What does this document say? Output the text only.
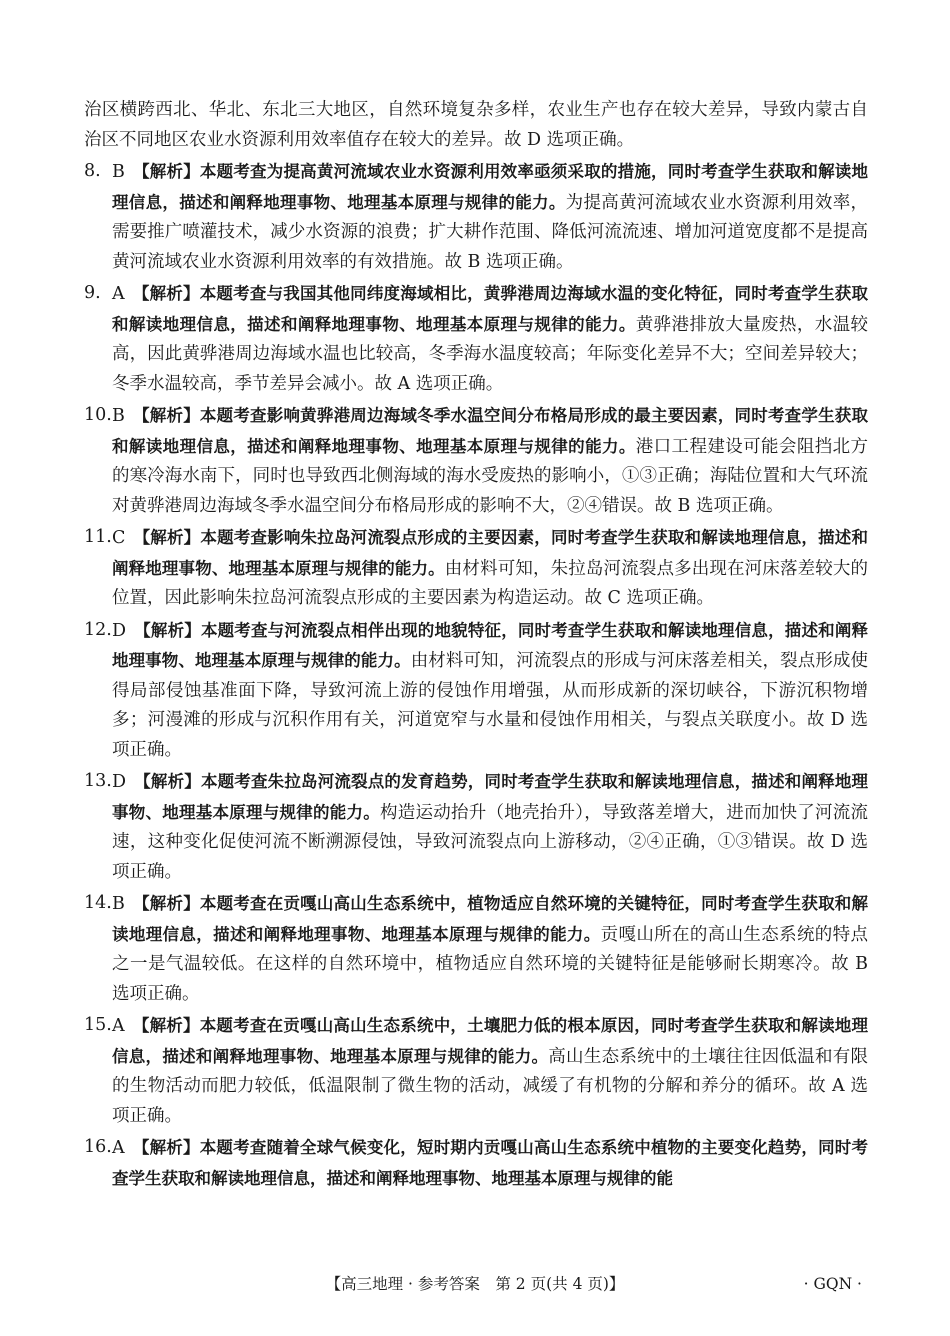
治区横跨西北、华北、东北三大地区，自然环境复杂多样，农业生产也存在较大差异，导致内蒙古自治区不同地区农业水资源利用效率值存在较大的差异。故 D 选项正确。

8. B 【解析】本题考查为提高黄河流域农业水资源利用效率亟须采取的措施，同时考查学生获取和解读地理信息，描述和阐释地理事物、地理基本原理与规律的能力。为提高黄河流域农业水资源利用效率，需要推广喷灌技术，减少水资源的浪费；扩大耕作范围、降低河流流速、增加河道宽度都不是提高黄河流域农业水资源利用效率的有效措施。故 B 选项正确。
9. A 【解析】本题考查与我国其他同纬度海域相比，黄骅港周边海域水温的变化特征，同时考查学生获取和解读地理信息，描述和阐释地理事物、地理基本原理与规律的能力。黄骅港排放大量废热，水温较高，因此黄骅港周边海域水温也比较高，冬季海水温度较高；年际变化差异不大；空间差异较大；冬季水温较高，季节差异会减小。故 A 选项正确。
10. B 【解析】本题考查影响黄骅港周边海域冬季水温空间分布格局形成的最主要因素，同时考查学生获取和解读地理信息，描述和阐释地理事物、地理基本原理与规律的能力。港口工程建设可能会阻挡北方的寒冷海水南下，同时也导致西北侧海域的海水受废热的影响小，①③正确；海陆位置和大气环流对黄骅港周边海域冬季水温空间分布格局形成的影响不大，②④错误。故 B 选项正确。
11. C 【解析】本题考查影响朱拉岛河流裂点形成的主要因素，同时考查学生获取和解读地理信息，描述和阐释地理事物、地理基本原理与规律的能力。由材料可知，朱拉岛河流裂点多出现在河床落差较大的位置，因此影响朱拉岛河流裂点形成的主要因素为构造运动。故 C 选项正确。
12. D 【解析】本题考查与河流裂点相伴出现的地貌特征，同时考查学生获取和解读地理信息，描述和阐释地理事物、地理基本原理与规律的能力。由材料可知，河流裂点的形成与河床落差相关，裂点形成使得局部侵蚀基准面下降，导致河流上游的侵蚀作用增强，从而形成新的深切峡谷，下游沉积物增多；河漫滩的形成与沉积作用有关，河道宽窄与水量和侵蚀作用相关，与裂点关联度小。故 D 选项正确。
13. D 【解析】本题考查朱拉岛河流裂点的发育趋势，同时考查学生获取和解读地理信息，描述和阐释地理事物、地理基本原理与规律的能力。构造运动抬升（地壳抬升），导致落差增大，进而加快了河流流速，这种变化促使河流不断溯源侵蚀，导致河流裂点向上游移动，②④正确，①③错误。故 D 选项正确。
14. B 【解析】本题考查在贡嘎山高山生态系统中，植物适应自然环境的关键特征，同时考查学生获取和解读地理信息，描述和阐释地理事物、地理基本原理与规律的能力。贡嘎山所在的高山生态系统的特点之一是气温较低。在这样的自然环境中，植物适应自然环境的关键特征是能够耐长期寒冷。故 B 选项正确。
15. A 【解析】本题考查在贡嘎山高山生态系统中，土壤肥力低的根本原因，同时考查学生获取和解读地理信息，描述和阐释地理事物、地理基本原理与规律的能力。高山生态系统中的土壤往往因低温和有限的生物活动而肥力较低，低温限制了微生物的活动，减缓了有机物的分解和养分的循环。故 A 选项正确。
16. A 【解析】本题考查随着全球气候变化，短时期内贡嘎山高山生态系统中植物的主要变化趋势，同时考查学生获取和解读地理信息，描述和阐释地理事物、地理基本原理与规律的能
【高三地理 · 参考答案　第 2 页(共 4 页)】	· GQN ·
